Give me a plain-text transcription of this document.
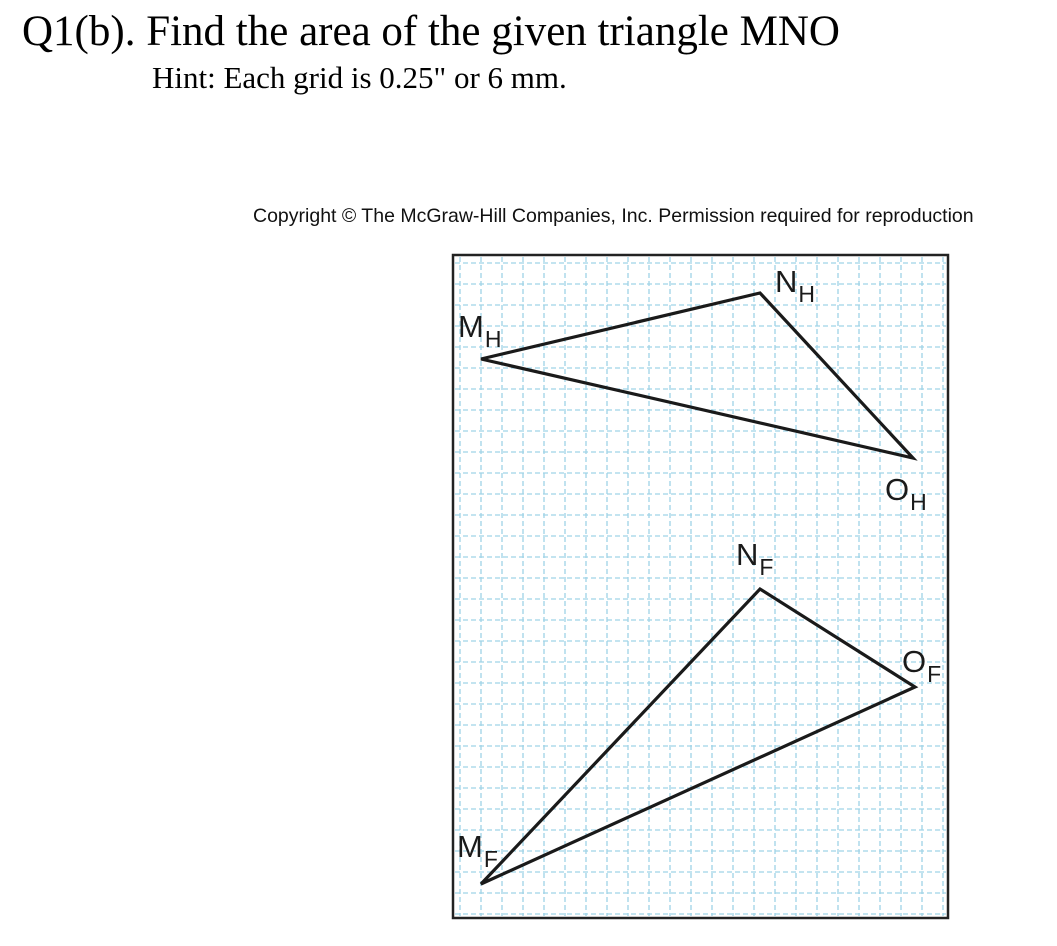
Q1(b). Find the area of the given triangle MNO
Hint: Each grid is 0.25" or 6 mm.
Copyright © The McGraw-Hill Companies, Inc. Permission required for reproduction
$M_H$
$N_H$
$O_H$
$N_F$
$O_F$
$M_F$
